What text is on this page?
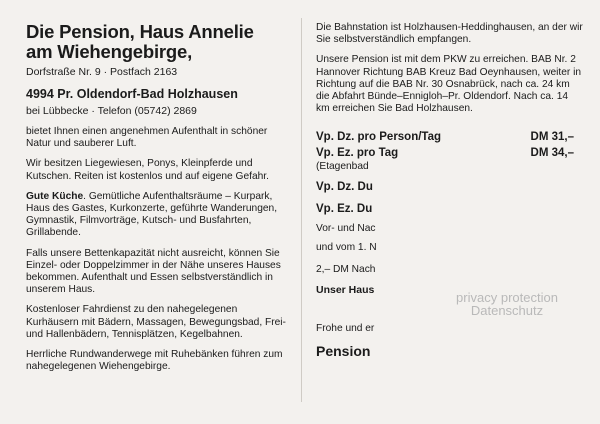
Die Pension, Haus Annelie
am Wiehengebirge,
Dorfstraße Nr. 9 · Postfach 2163
4994 Pr. Oldendorf-Bad Holzhausen
bei Lübbecke · Telefon (05742) 2869
bietet Ihnen einen angenehmen Aufenthalt in schöner Natur und sauberer Luft.
Wir besitzen Liegewiesen, Ponys, Kleinpferde und Kutschen. Reiten ist kostenlos und auf eigene Gefahr.
Gute Küche. Gemütliche Aufenthaltsräume – Kurpark, Haus des Gastes, Kurkonzerte, geführte Wanderungen, Gymnastik, Filmvorträge, Kutsch- und Busfahrten, Grillabende.
Falls unsere Bettenkapazität nicht ausreicht, können Sie Einzel- oder Doppelzimmer in der Nähe unseres Hauses bekommen. Aufenthalt und Essen selbstverständlich in unserem Haus.
Kostenloser Fahrdienst zu den nahegelegenen Kurhäusern mit Bädern, Massagen, Bewegungsbad, Frei- und Hallenbädern, Tennisplätzen, Kegelbahnen.
Herrliche Rundwanderwege mit Ruhebänken führen zum nahegelegenen Wiehengebirge.
Die Bahnstation ist Holzhausen-Heddinghausen, an der wir Sie selbstverständlich empfangen.
Unsere Pension ist mit dem PKW zu erreichen. BAB Nr. 2 Hannover Richtung BAB Kreuz Bad Oeynhausen, weiter in Richtung auf die BAB Nr. 30 Osnabrück, nach ca. 24 km die Abfahrt Bünde–Ennigloh–Pr. Oldendorf. Nach ca. 14 km erreichen Sie Bad Holzhausen.
Vp. Dz. pro Person/Tag	DM 31,–
Vp. Ez. pro Tag	DM 34,–
(Etagenbad
Vp. Dz. Du
Vp. Ez. Du
Vor- und Nac
und vom 1. N
2,– DM Nach
Unser Haus
Frohe und er
Pension
privacy protection
Datenschutz
